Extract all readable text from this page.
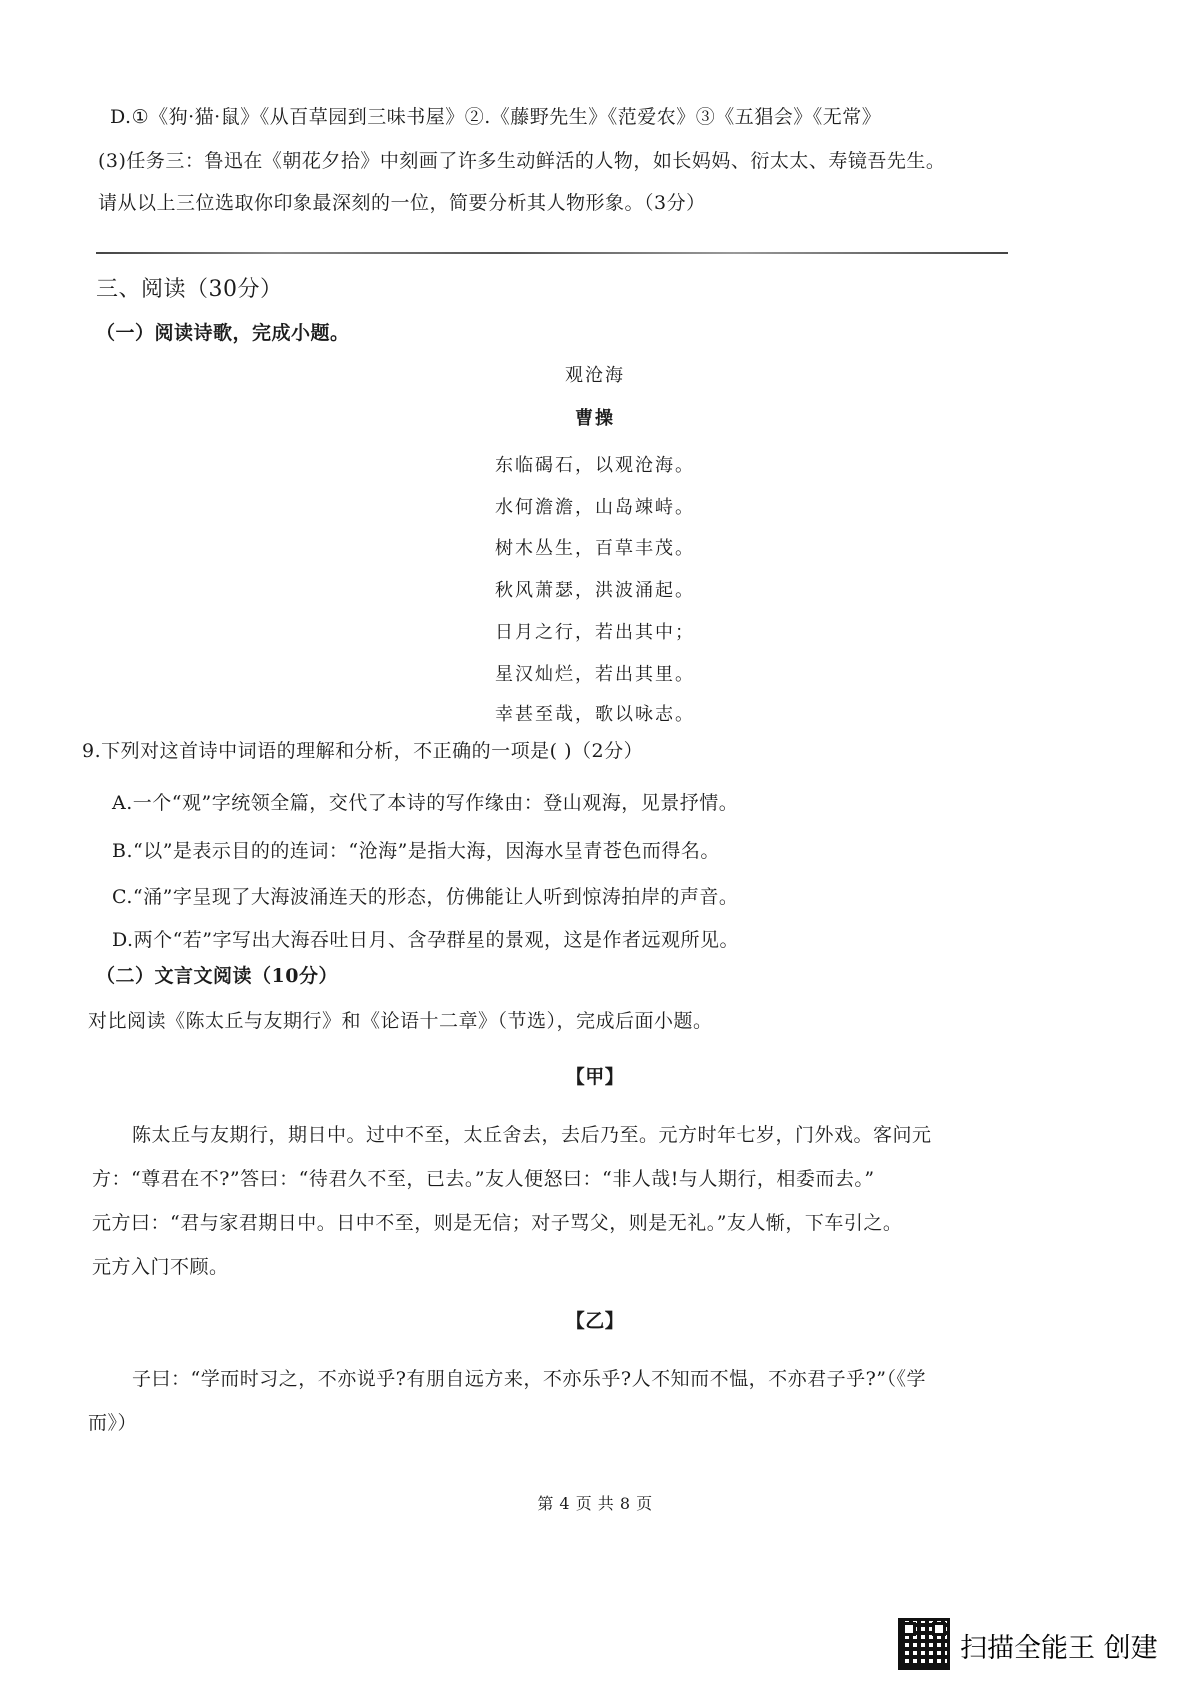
D.①《狗·猫·鼠》《从百草园到三味书屋》②.《藤野先生》《范爱农》③《五猖会》《无常》
(3)任务三：鲁迅在《朝花夕拾》中刻画了许多生动鲜活的人物，如长妈妈、衍太太、寿镜吾先生。
请从以上三位选取你印象最深刻的一位，简要分析其人物形象。（3分）
三、阅读（30分）
（一）阅读诗歌，完成小题。
观沧海
曹操
东临碣石，以观沧海。
水何澹澹，山岛竦峙。
树木丛生，百草丰茂。
秋风萧瑟，洪波涌起。
日月之行，若出其中；
星汉灿烂，若出其里。
幸甚至哉，歌以咏志。
9.下列对这首诗中词语的理解和分析，不正确的一项是( )（2分）
A.一个“观”字统领全篇，交代了本诗的写作缘由：登山观海，见景抒情。
B.“以”是表示目的的连词：“沧海”是指大海，因海水呈青苍色而得名。
C.“涌”字呈现了大海波涌连天的形态，仿佛能让人听到惊涛拍岸的声音。
D.两个“若”字写出大海吞吐日月、含孕群星的景观，这是作者远观所见。
（二）文言文阅读（10分）
对比阅读《陈太丘与友期行》和《论语十二章》（节选），完成后面小题。
【甲】
陈太丘与友期行，期日中。过中不至，太丘舍去，去后乃至。元方时年七岁，门外戏。客问元
方：“尊君在不?”答曰：“待君久不至，已去。”友人便怒曰：“非人哉!与人期行，相委而去。”
元方曰：“君与家君期日中。日中不至，则是无信；对子骂父，则是无礼。”友人惭，下车引之。
元方入门不顾。
【乙】
子曰：“学而时习之，不亦说乎?有朋自远方来，不亦乐乎?人不知而不愠，不亦君子乎?”（《学
而》）
第 4 页 共 8 页
扫描全能王 创建
